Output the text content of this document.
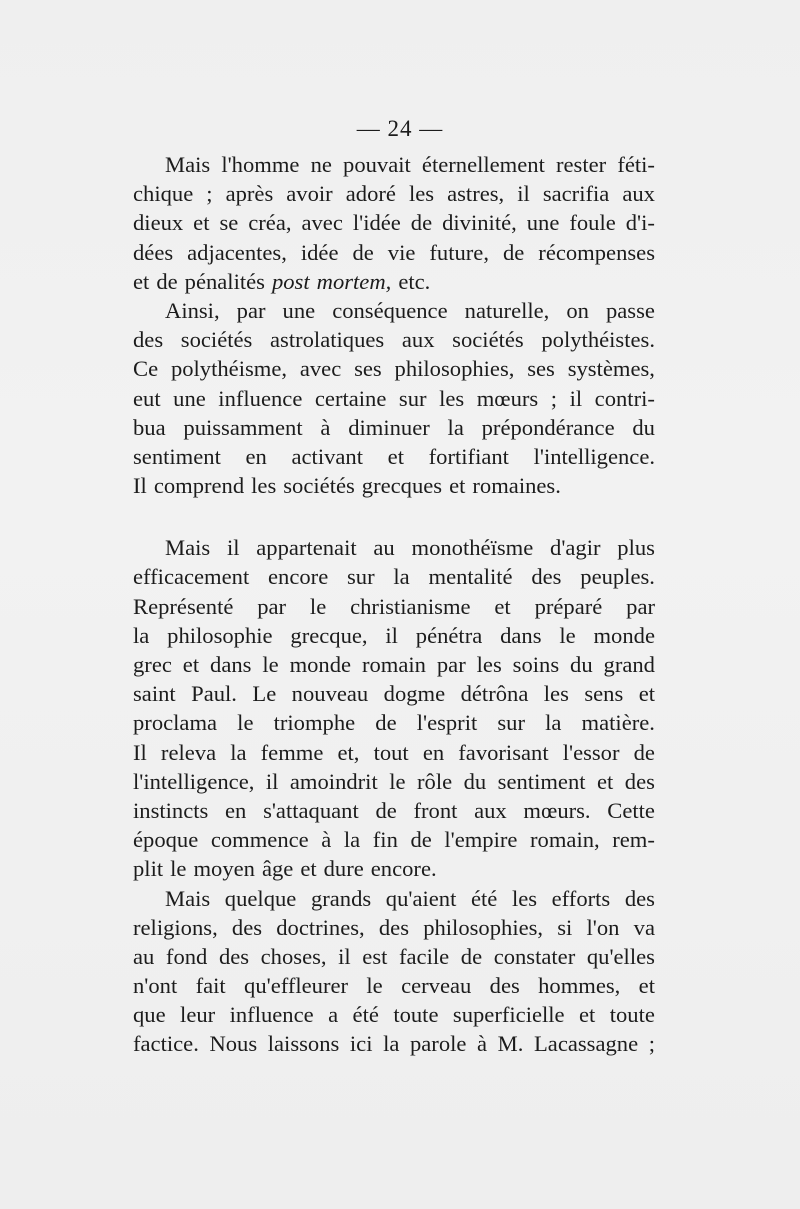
— 24 —
Mais l'homme ne pouvait éternellement rester féti-
chique ; après avoir adoré les astres, il sacrifia aux
dieux et se créa, avec l'idée de divinité, une foule d'i-
dées adjacentes, idée de vie future, de récompenses
et de pénalités post mortem, etc.
Ainsi, par une conséquence naturelle, on passe
des sociétés astrolatiques aux sociétés polythéistes.
Ce polythéisme, avec ses philosophies, ses systèmes,
eut une influence certaine sur les mœurs ; il contri-
bua puissamment à diminuer la prépondérance du
sentiment en activant et fortifiant l'intelligence.
Il comprend les sociétés grecques et romaines.
Mais il appartenait au monothéïsme d'agir plus
efficacement encore sur la mentalité des peuples.
Représenté par le christianisme et préparé par
la philosophie grecque, il pénétra dans le monde
grec et dans le monde romain par les soins du grand
saint Paul. Le nouveau dogme détrôna les sens et
proclama le triomphe de l'esprit sur la matière.
Il releva la femme et, tout en favorisant l'essor de
l'intelligence, il amoindrit le rôle du sentiment et des
instincts en s'attaquant de front aux mœurs. Cette
époque commence à la fin de l'empire romain, rem-
plit le moyen âge et dure encore.
Mais quelque grands qu'aient été les efforts des
religions, des doctrines, des philosophies, si l'on va
au fond des choses, il est facile de constater qu'elles
n'ont fait qu'effleurer le cerveau des hommes, et
que leur influence a été toute superficielle et toute
factice. Nous laissons ici la parole à M. Lacassagne ;
